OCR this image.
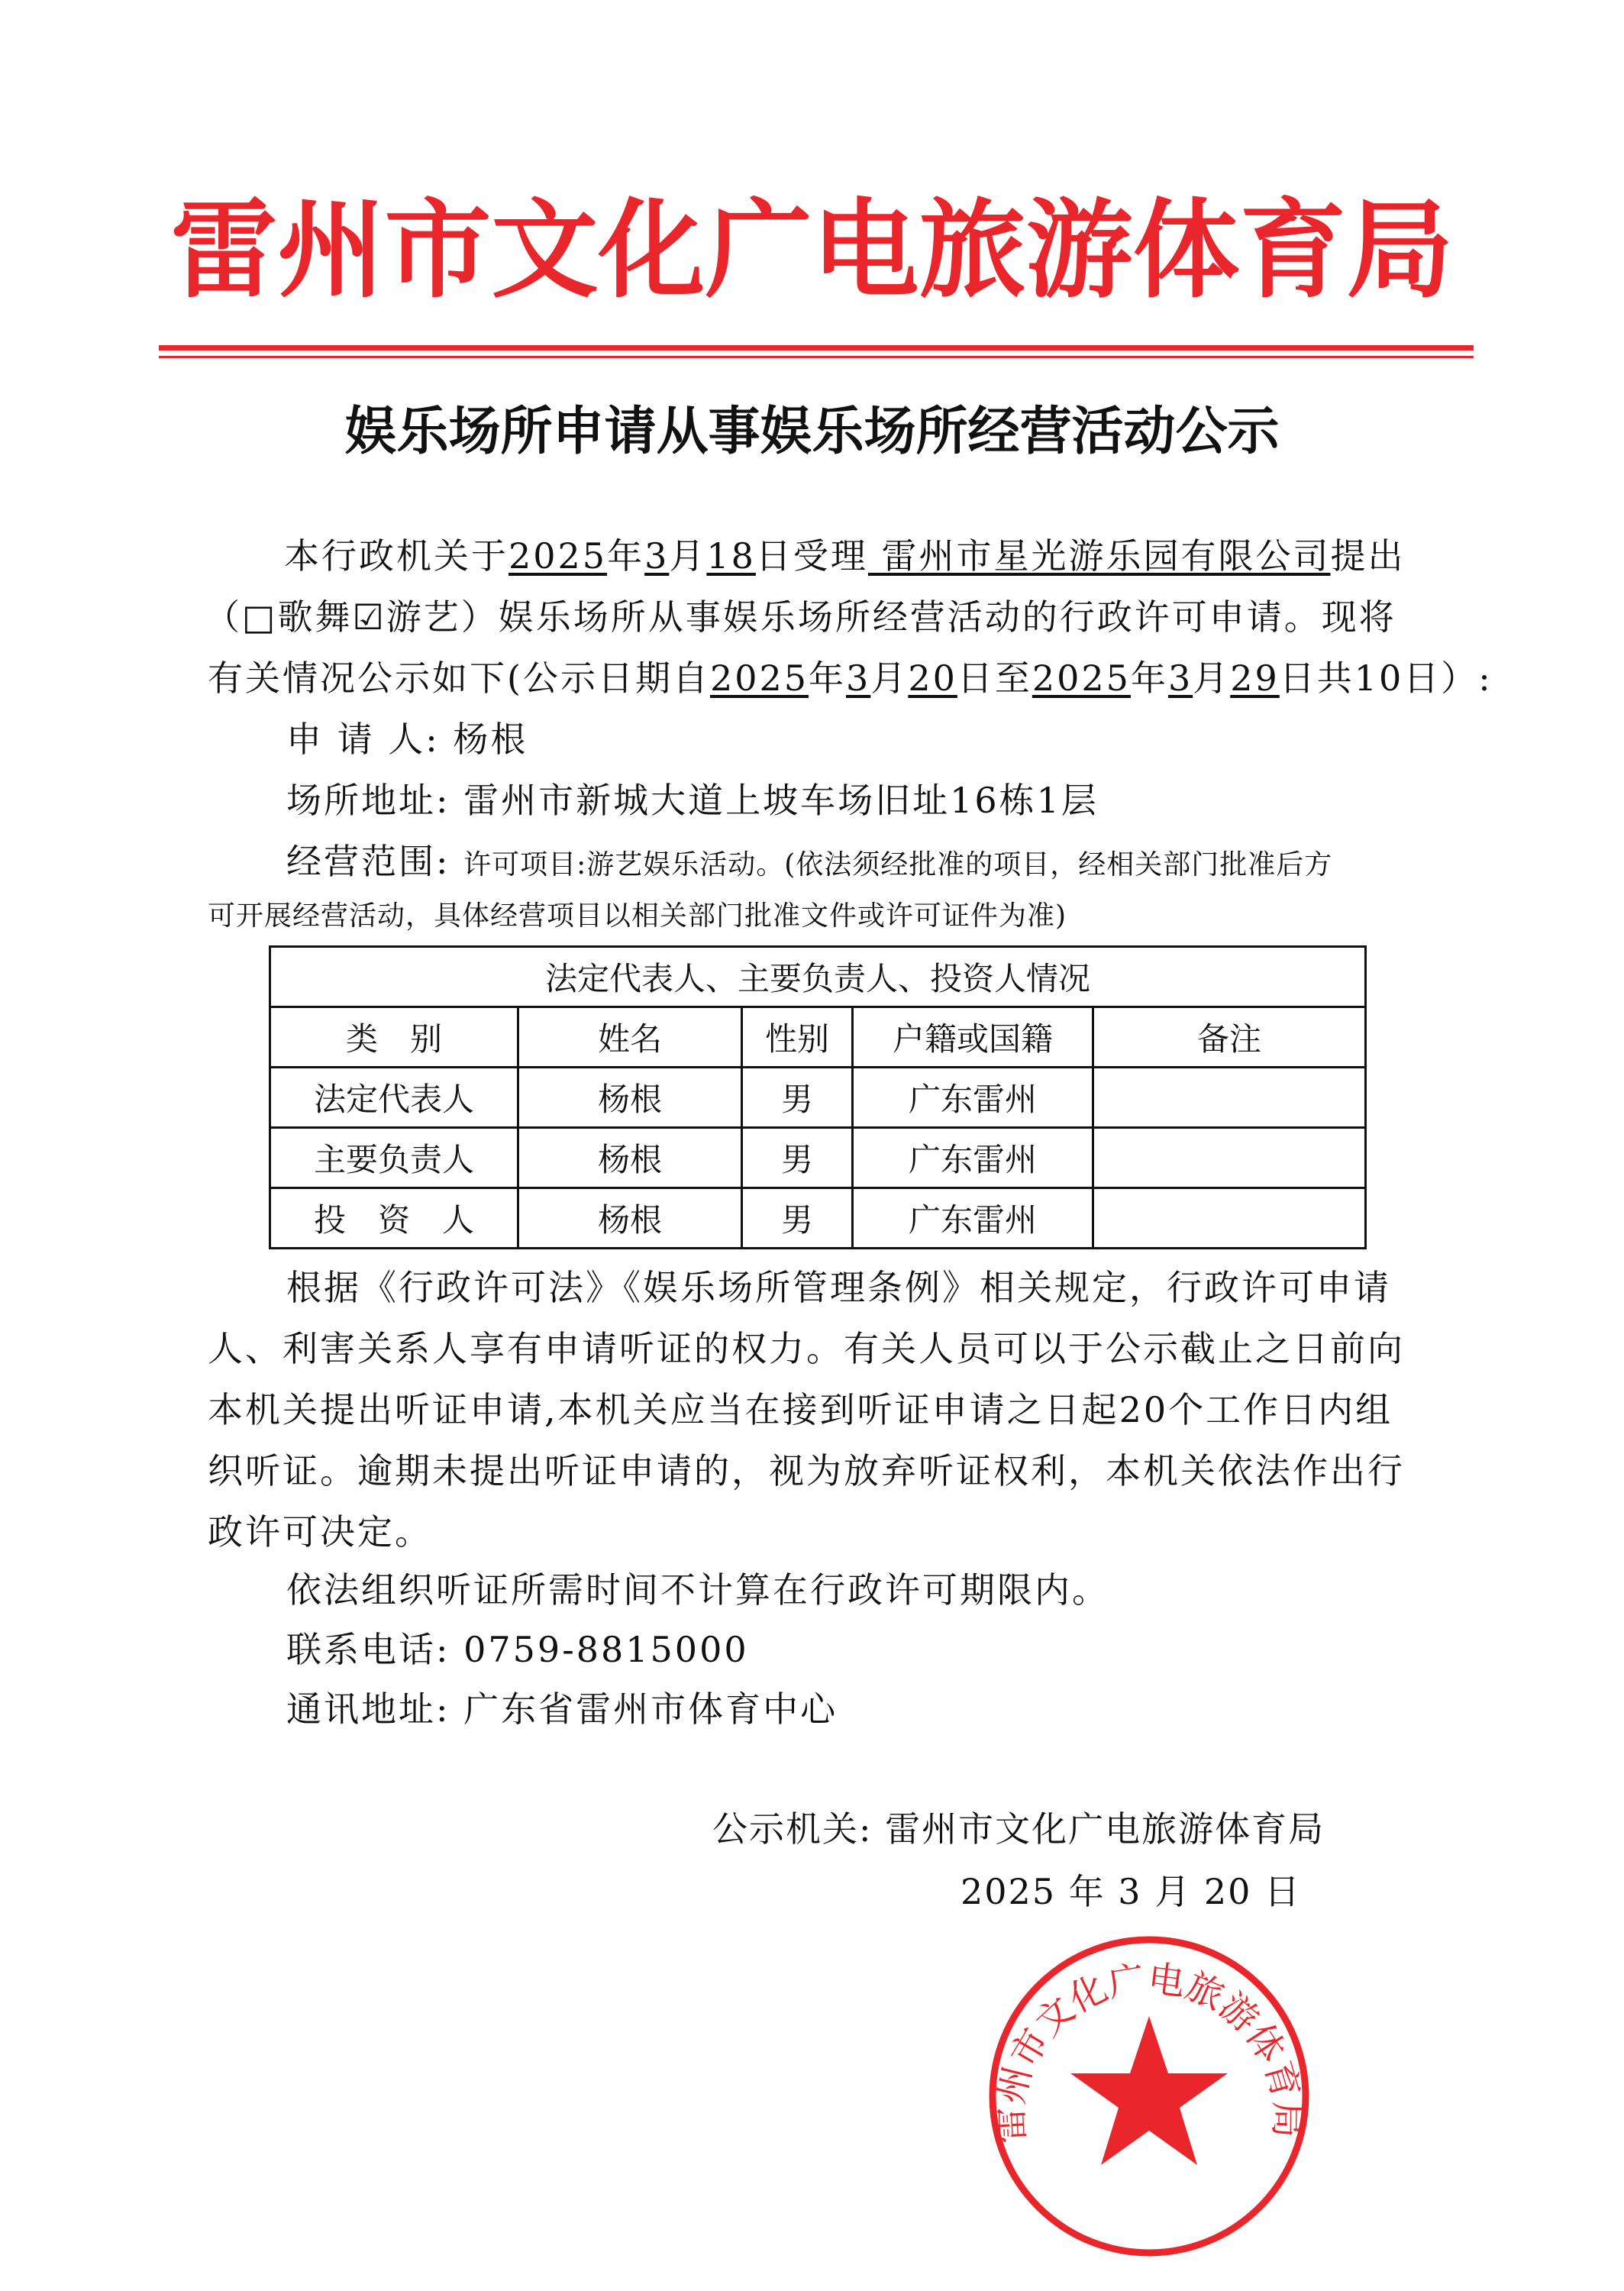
雷州市文化广电旅游体育局
娱乐场所申请从事娱乐场所经营活动公示
本行政机关于2025年3月18日受理 雷州市星光游乐园有限公司提出
（□歌舞☑游艺）娱乐场所从事娱乐场所经营活动的行政许可申请。现将
有关情况公示如下(公示日期自2025年3月20日至2025年3月29日共10日）:
申 请 人: 杨根
场所地址: 雷州市新城大道上坡车场旧址16栋1层
经营范围: 许可项目:游艺娱乐活动。(依法须经批准的项目，经相关部门批准后方
可开展经营活动，具体经营项目以相关部门批准文件或许可证件为准)
法定代表人、主要负责人、投资人情况				
类　别	姓名	性别	户籍或国籍	备注
法定代表人	杨根	男	广东雷州	
主要负责人	杨根	男	广东雷州	
投　资　人	杨根	男	广东雷州	
根据《行政许可法》《娱乐场所管理条例》相关规定，行政许可申请
人、利害关系人享有申请听证的权力。有关人员可以于公示截止之日前向
本机关提出听证申请,本机关应当在接到听证申请之日起20个工作日内组
织听证。逾期未提出听证申请的，视为放弃听证权利，本机关依法作出行
政许可决定。
依法组织听证所需时间不计算在行政许可期限内。
联系电话: 0759-8815000
通讯地址: 广东省雷州市体育中心
公示机关: 雷州市文化广电旅游体育局
2025 年 3 月 20 日
雷州市文化广电旅游体育局
